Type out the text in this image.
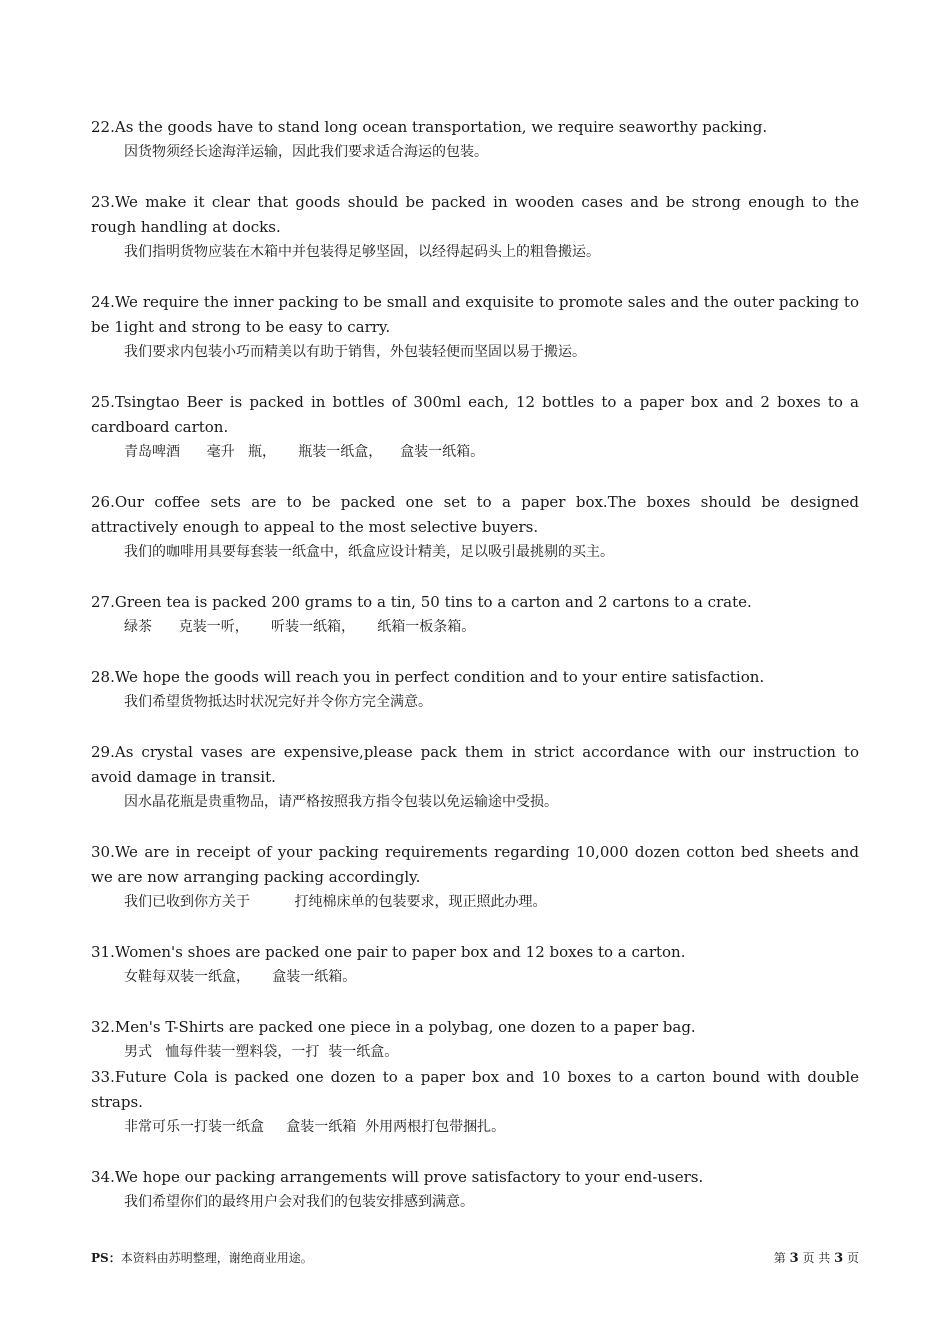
22.As the goods have to stand long ocean transportation, we require seaworthy packing.

因货物须经长途海洋运输，因此我们要求适合海运的包装。

23.We make it clear that goods should be packed in wooden cases and be strong enough to the rough handling at docks.

我们指明货物应装在木箱中并包装得足够坚固，以经得起码头上的粗鲁搬运。

24.We require the inner packing to be small and exquisite to promote sales and the outer packing to be 1ight and strong to be easy to carry.

我们要求内包装小巧而精美以有助于销售，外包装轻便而坚固以易于搬运。

25.Tsingtao Beer is packed in bottles of 300ml each, 12 bottles to a paper box and 2 boxes to a cardboard carton.

青岛啤酒      毫升   瓶，     瓶装一纸盒，    盒装一纸箱。

26.Our coffee sets are to be packed one set to a paper box.The boxes should be designed attractively enough to appeal to the most selective buyers.

我们的咖啡用具要每套装一纸盒中，纸盒应设计精美，足以吸引最挑剔的买主。

27.Green tea is packed 200 grams to a tin, 50 tins to a carton and 2 cartons to a crate.

绿茶      克装一听，     听装一纸箱，     纸箱一板条箱。

28.We hope the goods will reach you in perfect condition and to your entire satisfaction.

我们希望货物抵达时状况完好并令你方完全满意。

29.As crystal vases are expensive,please pack them in strict accordance with our instruction to avoid damage in transit.

因水晶花瓶是贵重物品，请严格按照我方指令包装以免运输途中受损。

30.We are in receipt of your packing requirements regarding 10,000 dozen cotton bed sheets and we are now arranging packing accordingly.

我们已收到你方关于          打纯棉床单的包装要求，现正照此办理。

31.Women's shoes are packed one pair to paper box and 12 boxes to a carton.

女鞋每双装一纸盒，     盒装一纸箱。

32.Men's T-Shirts are packed one piece in a polybag, one dozen to a paper bag.

男式   恤每件装一塑料袋，一打  装一纸盒。

33.Future Cola is packed one dozen to a paper box and 10 boxes to a carton bound with double straps.

非常可乐一打装一纸盒     盒装一纸箱  外用两根打包带捆扎。

34.We hope our packing arrangements will prove satisfactory to your end-users.

我们希望你们的最终用户会对我们的包装安排感到满意。

PS：本资料由苏明整理，谢绝商业用途。	第 3 页 共 3 页
